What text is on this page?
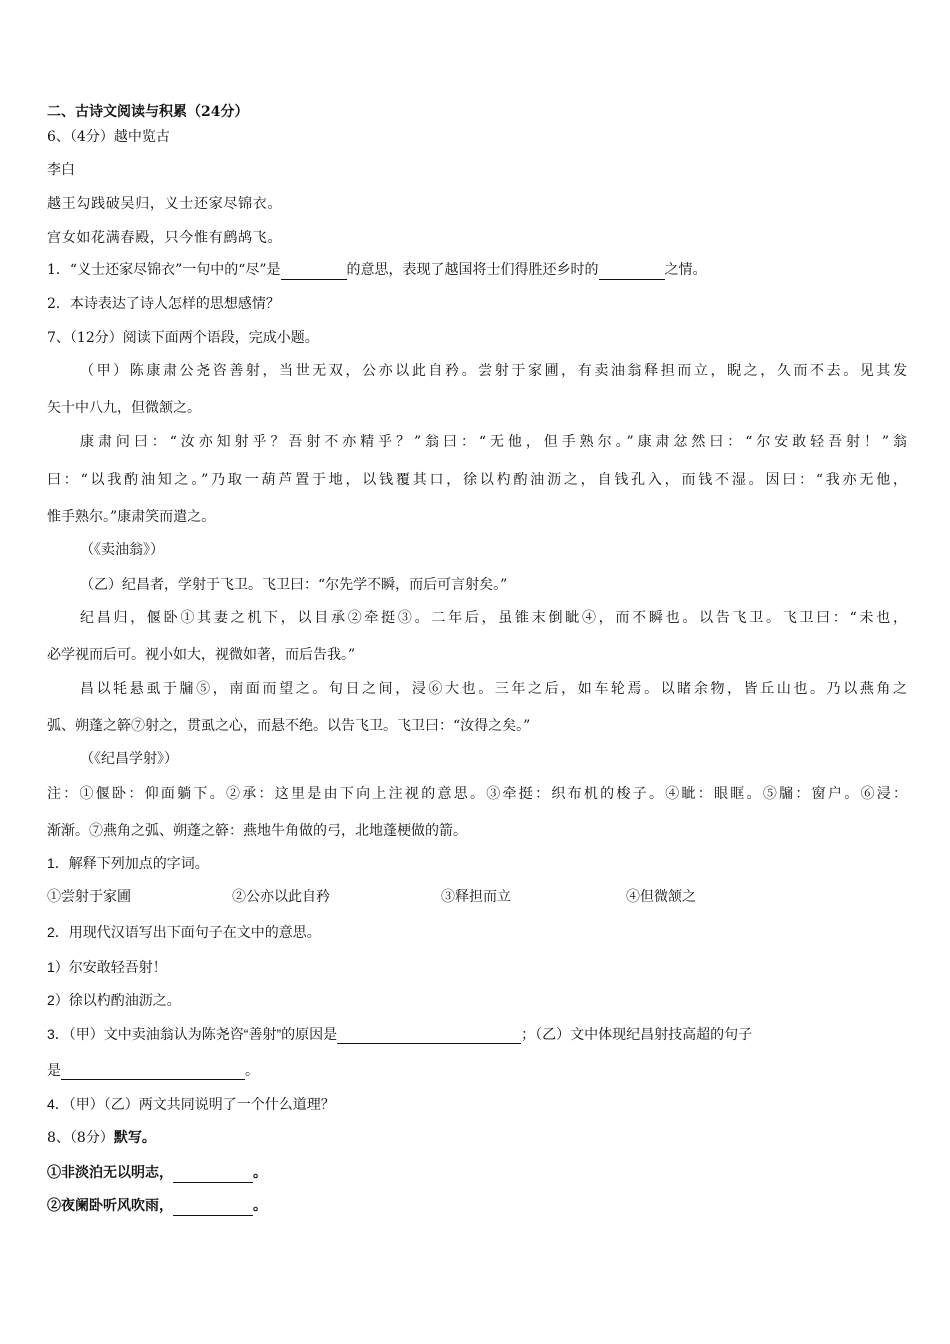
二、古诗文阅读与积累（24分）
6、（4分）越中览古
李白
越王勾践破吴归，义士还家尽锦衣。
宫女如花满春殿，只今惟有鹧鸪飞。
1．“义士还家尽锦衣”一句中的“尽”是	的意思，表现了越国将士们得胜还乡时的	之情。
2．本诗表达了诗人怎样的思想感情？
7、（12分）阅读下面两个语段，完成小题。
（甲）陈康肃公尧咨善射，当世无双，公亦以此自矜。尝射于家圃，有卖油翁释担而立，睨之，久而不去。见其发
矢十中八九，但微颔之。
康肃问曰：“汝亦知射乎？吾射不亦精乎？”翁曰：“无他，但手熟尔。”康肃忿然曰：“尔安敢轻吾射！”翁
曰：“以我酌油知之。”乃取一葫芦置于地，以钱覆其口，徐以杓酌油沥之，自钱孔入，而钱不湿。因曰：“我亦无他，
惟手熟尔。”康肃笑而遣之。
（《卖油翁》）
（乙）纪昌者，学射于飞卫。飞卫曰：“尔先学不瞬，而后可言射矣。”
纪昌归，偃卧①其妻之机下，以目承②牵挺③。二年后，虽锥末倒眦④，而不瞬也。以告飞卫。飞卫曰：“未也，
必学视而后可。视小如大，视微如著，而后告我。”
昌以牦悬虱于牖⑤，南面而望之。旬日之间，浸⑥大也。三年之后，如车轮焉。以睹余物，皆丘山也。乃以燕角之
弧、朔蓬之簳⑦射之，贯虱之心，而悬不绝。以告飞卫。飞卫曰：“汝得之矣。”
（《纪昌学射》）
注：①偃卧：仰面躺下。②承：这里是由下向上注视的意思。③牵挺：织布机的梭子。④眦：眼眶。⑤牖：窗户。⑥浸：
渐渐。⑦燕角之弧、朔蓬之簳：燕地牛角做的弓，北地蓬梗做的箭。
1．解释下列加点的字词。
①尝射于家圃	②公亦以此自矜	③释担而立	④但微颔之
2．用现代汉语写出下面句子在文中的意思。
1）尔安敢轻吾射！
2）徐以杓酌油沥之。
3．（甲）文中卖油翁认为陈尧咨“善射”的原因是	；（乙）文中体现纪昌射技高超的句子
是	。
4．（甲）（乙）两文共同说明了一个什么道理？
8、（8分）默写。
①非淡泊无以明志，	。
②夜阑卧听风吹雨，	。
